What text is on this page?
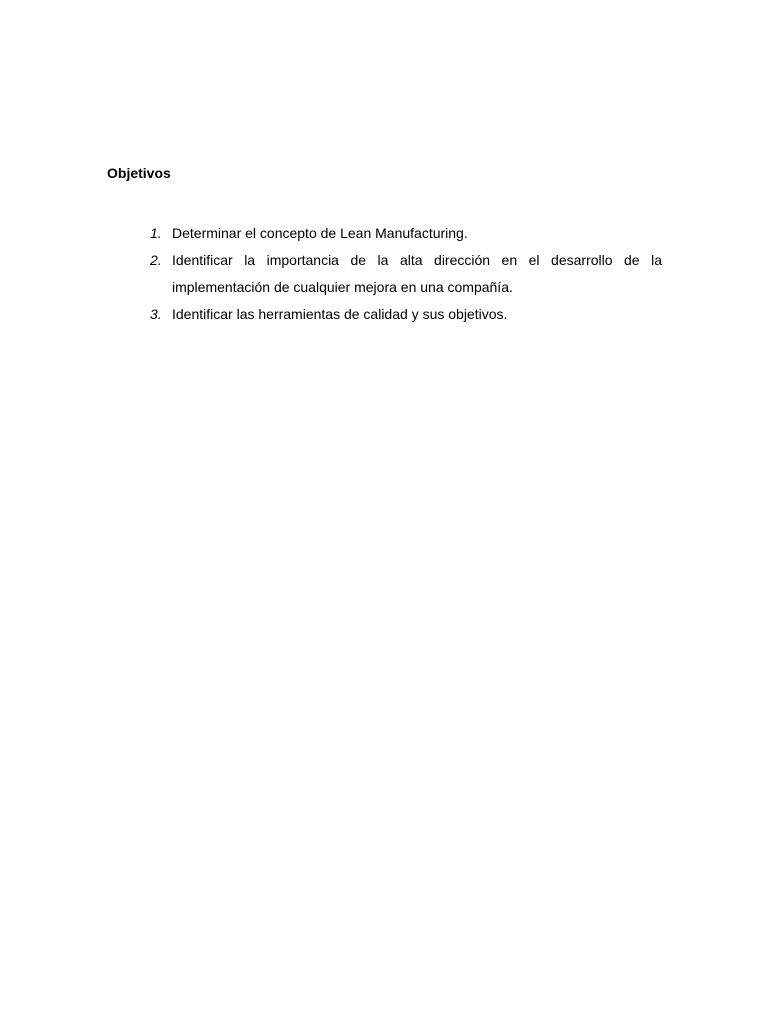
Objetivos
1. Determinar el concepto de Lean Manufacturing.
2. Identificar la importancia de la alta dirección en el desarrollo de la implementación de cualquier mejora en una compañía.
3. Identificar las herramientas de calidad y sus objetivos.
